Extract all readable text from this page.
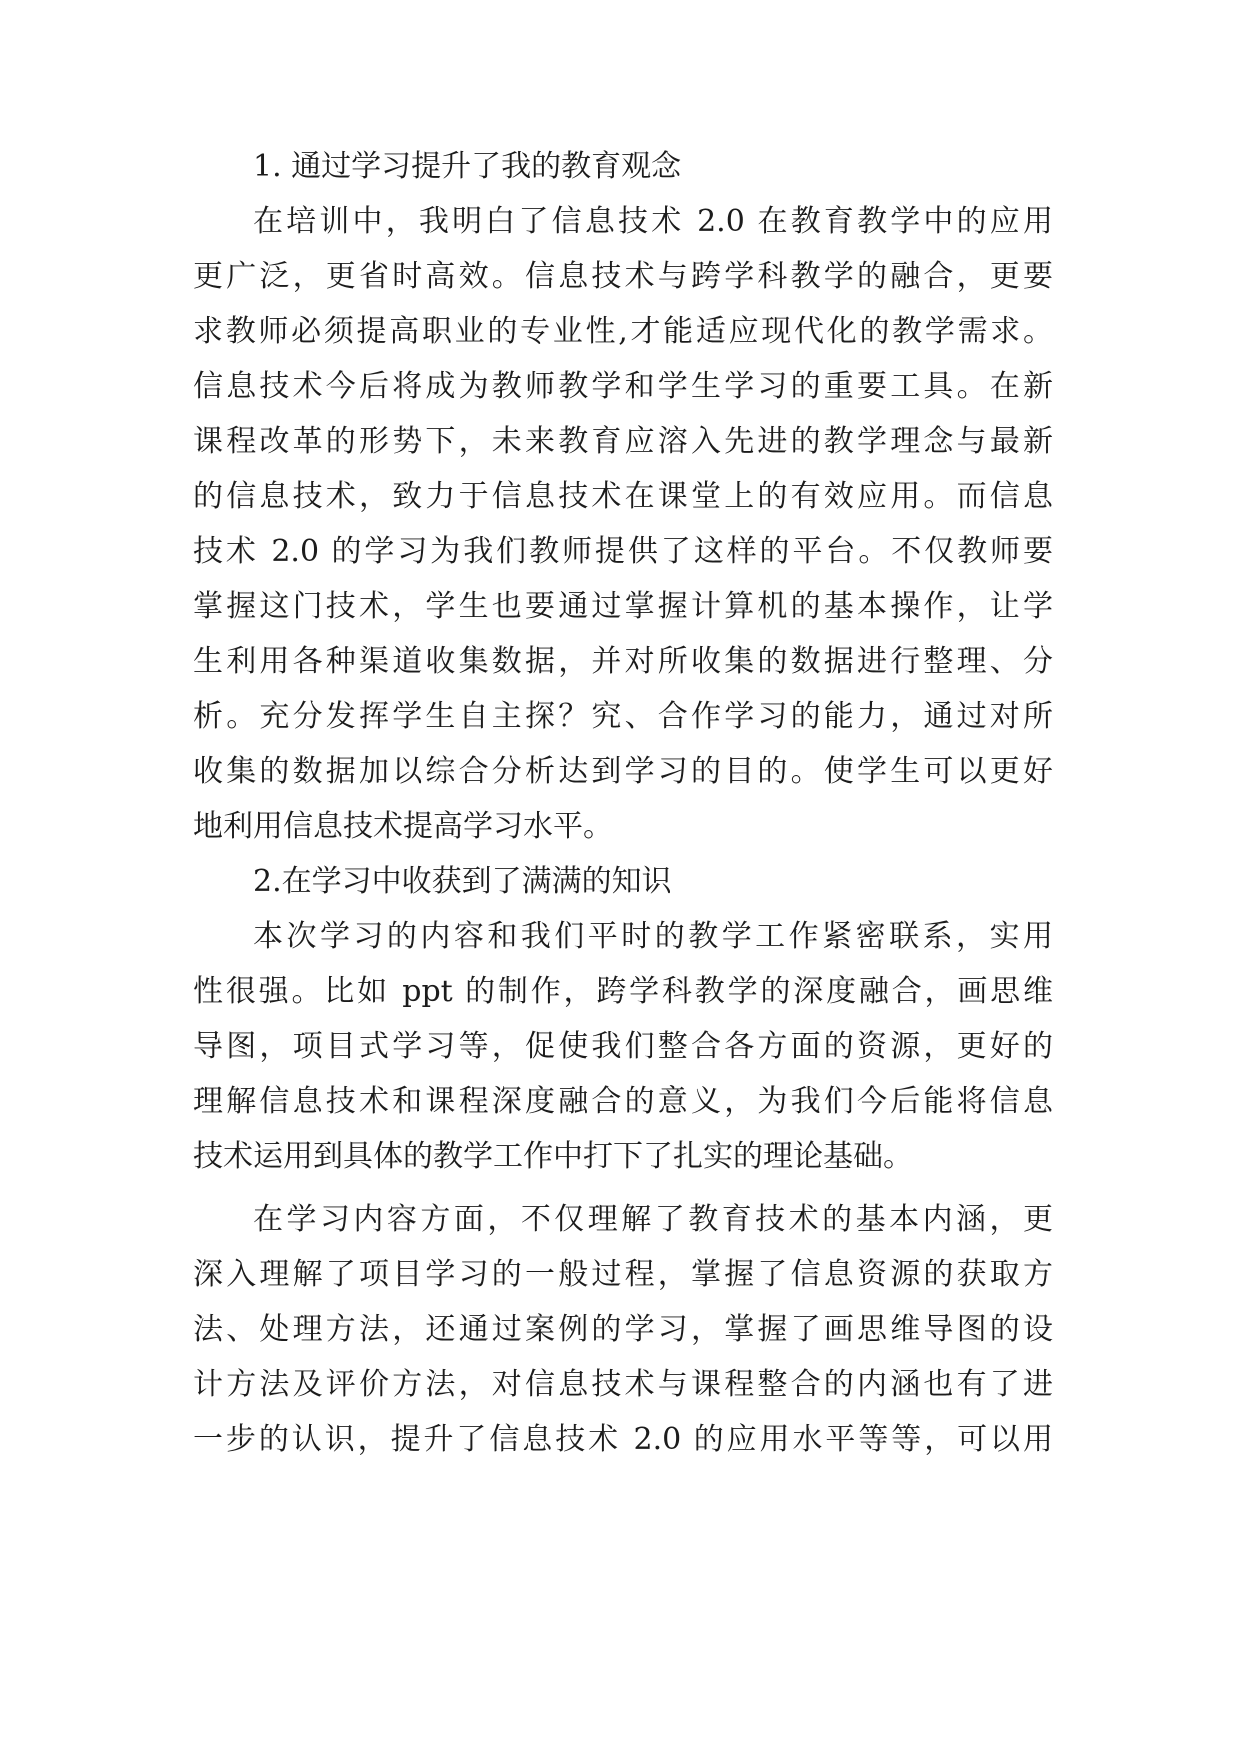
1. 通过学习提升了我的教育观念

在培训中，我明白了信息技术 2.0 在教育教学中的应用

更广泛，更省时高效。信息技术与跨学科教学的融合，更要

求教师必须提高职业的专业性,才能适应现代化的教学需求。

信息技术今后将成为教师教学和学生学习的重要工具。在新

课程改革的形势下，未来教育应溶入先进的教学理念与最新

的信息技术，致力于信息技术在课堂上的有效应用。而信息

技术 2.0 的学习为我们教师提供了这样的平台。不仅教师要

掌握这门技术，学生也要通过掌握计算机的基本操作，让学

生利用各种渠道收集数据，并对所收集的数据进行整理、分

析。充分发挥学生自主探？究、合作学习的能力，通过对所

收集的数据加以综合分析达到学习的目的。使学生可以更好

地利用信息技术提高学习水平。

2.在学习中收获到了满满的知识

本次学习的内容和我们平时的教学工作紧密联系，实用

性很强。比如 ppt 的制作，跨学科教学的深度融合，画思维

导图，项目式学习等，促使我们整合各方面的资源，更好的

理解信息技术和课程深度融合的意义，为我们今后能将信息

技术运用到具体的教学工作中打下了扎实的理论基础。

在学习内容方面，不仅理解了教育技术的基本内涵，更

深入理解了项目学习的一般过程，掌握了信息资源的获取方

法、处理方法，还通过案例的学习，掌握了画思维导图的设

计方法及评价方法，对信息技术与课程整合的内涵也有了进

一步的认识，提升了信息技术 2.0 的应用水平等等，可以用
